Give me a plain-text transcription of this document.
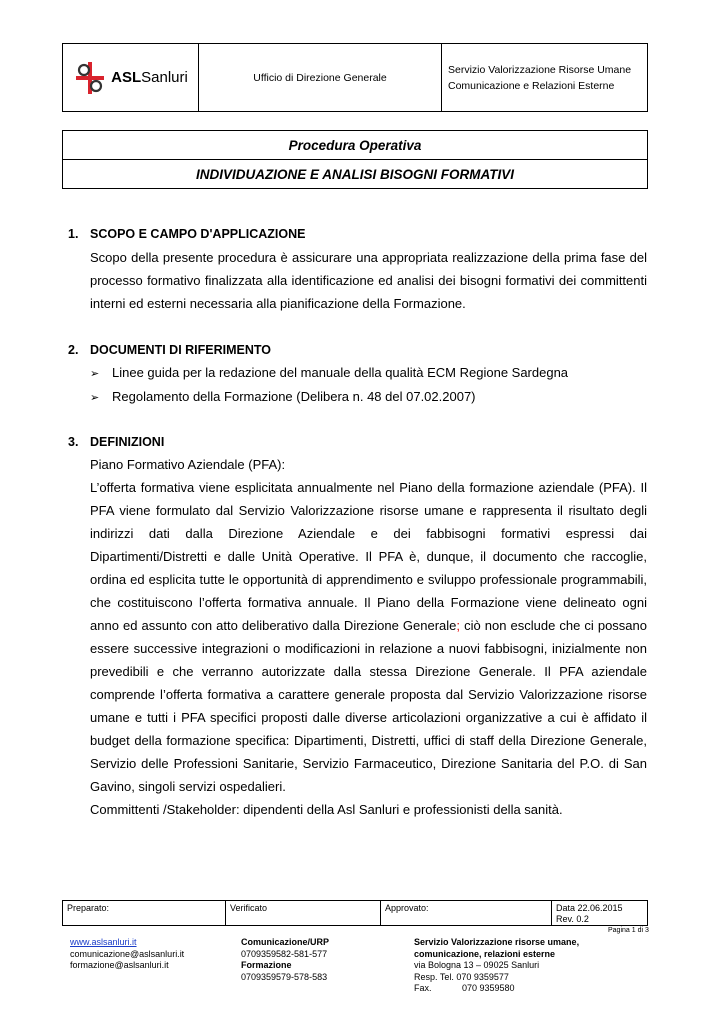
ASLSanluri	Ufficio di Direzione Generale
Servizio Valorizzazione Risorse Umane
Comunicazione e Relazioni Esterne
Procedura Operativa
INDIVIDUAZIONE E ANALISI BISOGNI FORMATIVI
1. SCOPO E CAMPO D'APPLICAZIONE

Scopo della presente procedura è assicurare una appropriata realizzazione della prima fase del processo formativo finalizzata alla identificazione ed analisi dei bisogni formativi dei committenti interni ed esterni necessaria alla pianificazione della Formazione.

2. DOCUMENTI DI RIFERIMENTO
➢ Linee guida per la redazione del manuale della qualità ECM Regione Sardegna
➢ Regolamento della Formazione (Delibera n. 48 del 07.02.2007)
3. DEFINIZIONI

Piano Formativo Aziendale (PFA):

L’offerta formativa viene esplicitata annualmente nel Piano della formazione aziendale (PFA). Il PFA viene formulato dal Servizio Valorizzazione risorse umane e rappresenta il risultato degli indirizzi dati dalla Direzione Aziendale e dei fabbisogni formativi espressi dai Dipartimenti/Distretti e dalle Unità Operative. Il PFA è, dunque, il documento che raccoglie, ordina ed esplicita tutte le opportunità di apprendimento e sviluppo professionale programmabili, che costituiscono l’offerta formativa annuale. Il Piano della Formazione viene delineato ogni anno ed assunto con atto deliberativo dalla Direzione Generale; ciò non esclude che ci possano essere successive integrazioni o modificazioni in relazione a nuovi fabbisogni, inizialmente non prevedibili e che verranno autorizzate dalla stessa Direzione Generale. Il PFA aziendale comprende l’offerta formativa a carattere generale proposta dal Servizio Valorizzazione risorse umane e tutti i PFA specifici proposti dalle diverse articolazioni organizzative a cui è affidato il budget della formazione specifica: Dipartimenti, Distretti, uffici di staff della Direzione Generale, Servizio delle Professioni Sanitarie, Servizio Farmaceutico, Direzione Sanitaria del P.O. di San Gavino, singoli servizi ospedalieri.

Committenti /Stakeholder: dipendenti della Asl Sanluri e professionisti della sanità.

Preparato:	Verificato	Approvato:	Data 22.06.2015
Rev. 0.2
Pagina 1 di 3
www.aslsanluri.it
comunicazione@aslsanluri.it
formazione@aslsanluri.it
Comunicazione/URP
0709359582-581-577
Formazione
0709359579-578-583
Servizio Valorizzazione risorse umane,
comunicazione, relazioni esterne
via Bologna 13 – 09025 Sanluri
Resp. Tel. 070 9359577
Fax.	070 9359580
